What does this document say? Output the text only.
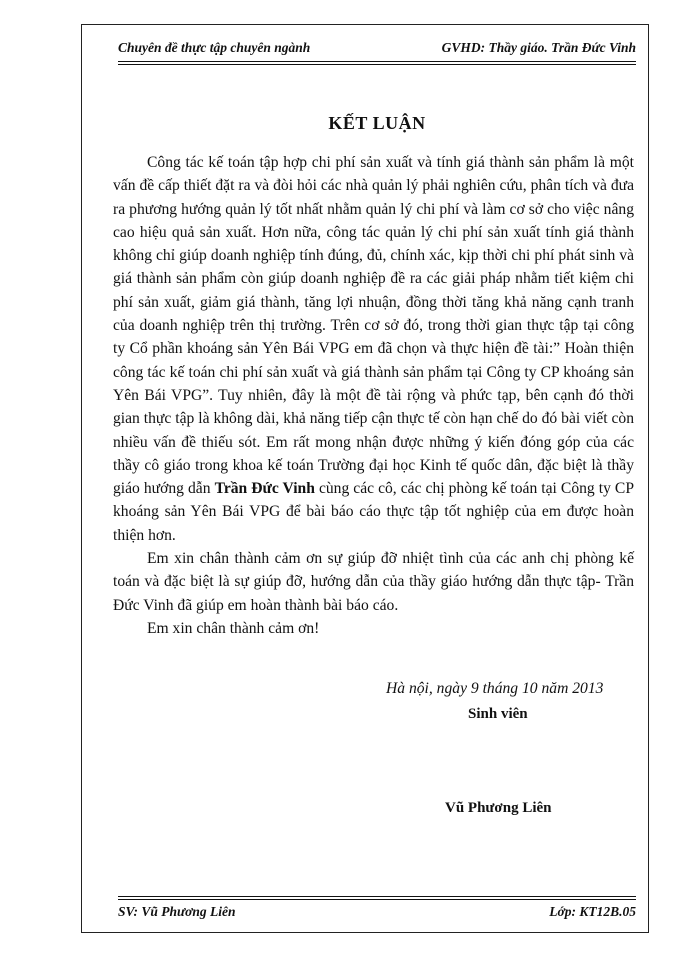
Chuyên đề thực tập chuyên ngành	GVHD: Thầy giáo. Trần Đức Vinh
KẾT LUẬN

Công tác kế toán tập hợp chi phí sản xuất và tính giá thành sản phẩm là một vấn đề cấp thiết đặt ra và đòi hỏi các nhà quản lý phải nghiên cứu, phân tích và đưa ra phương hướng quản lý tốt nhất nhằm quản lý chi phí và làm cơ sở cho việc nâng cao hiệu quả sản xuất. Hơn nữa, công tác quản lý chi phí sản xuất tính giá thành không chỉ giúp doanh nghiệp tính đúng, đủ, chính xác, kịp thời chi phí phát sinh và giá thành sản phẩm còn giúp doanh nghiệp đề ra các giải pháp nhằm tiết kiệm chi phí sản xuất, giảm giá thành, tăng lợi nhuận, đồng thời tăng khả năng cạnh tranh của doanh nghiệp trên thị trường. Trên cơ sở đó, trong thời gian thực tập tại công ty Cổ phần khoáng sản Yên Bái VPG em đã chọn và thực hiện đề tài:” Hoàn thiện công tác kế toán chi phí sản xuất và giá thành sản phẩm tại Công ty CP khoáng sản Yên Bái VPG”. Tuy nhiên, đây là một đề tài rộng và phức tạp, bên cạnh đó thời gian thực tập là không dài, khả năng tiếp cận thực tế còn hạn chế do đó bài viết còn nhiều vấn đề thiếu sót. Em rất mong nhận được những ý kiến đóng góp của các thầy cô giáo trong khoa kế toán Trường đại học Kinh tế quốc dân, đặc biệt là thầy giáo hướng dẫn Trần Đức Vinh cùng các cô, các chị phòng kế toán tại Công ty CP khoáng sản Yên Bái VPG để bài báo cáo thực tập tốt nghiệp của em được hoàn thiện hơn.

Em xin chân thành cảm ơn sự giúp đỡ nhiệt tình của các anh chị phòng kế toán và đặc biệt là sự giúp đỡ, hướng dẫn của thầy giáo hướng dẫn thực tập- Trần Đức Vinh đã giúp em hoàn thành bài báo cáo.

Em xin chân thành cảm ơn!

Hà nội, ngày 9 tháng 10 năm 2013
Sinh viên
Vũ Phương Liên
SV: Vũ Phương Liên	Lớp: KT12B.05
